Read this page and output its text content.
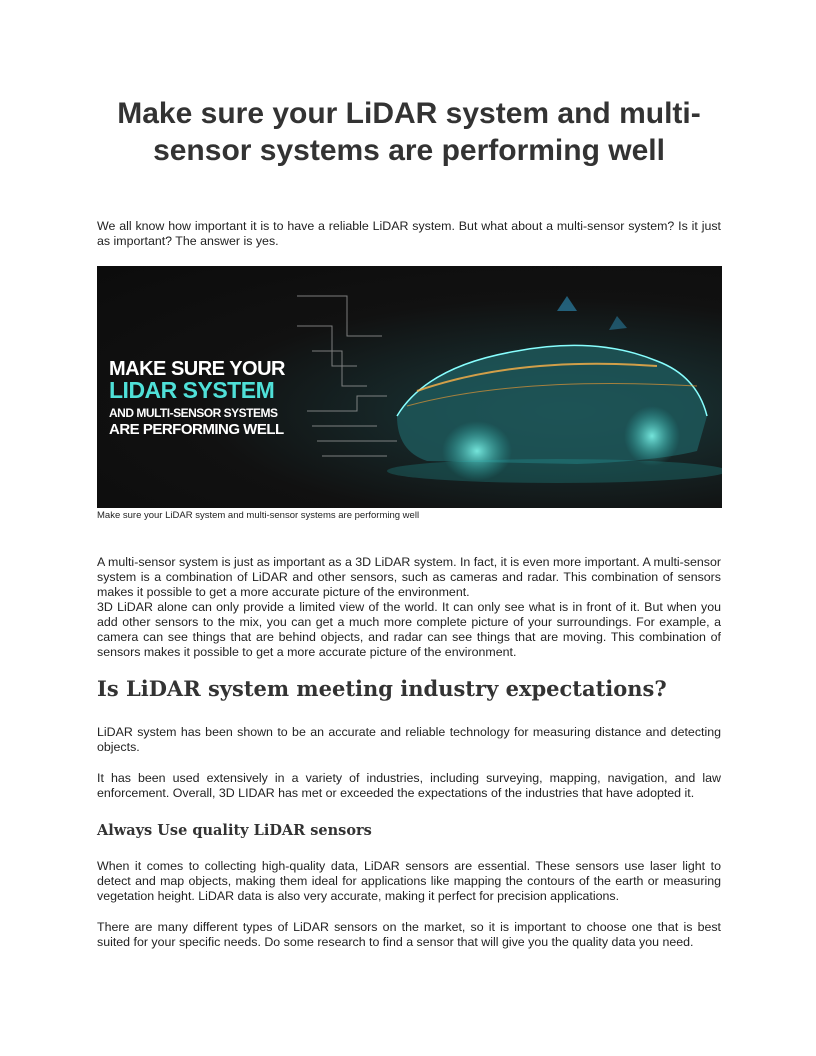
Make sure your LiDAR system and multi-sensor systems are performing well

We all know how important it is to have a reliable LiDAR system. But what about a multi-sensor system? Is it just as important? The answer is yes.

MAKE SURE YOUR
LIDAR SYSTEM
AND MULTI-SENSOR SYSTEMS
ARE PERFORMING WELL
Make sure your LiDAR system and multi-sensor systems are performing well

A multi-sensor system is just as important as a 3D LiDAR system. In fact, it is even more important. A multi-sensor system is a combination of LiDAR and other sensors, such as cameras and radar. This combination of sensors makes it possible to get a more accurate picture of the environment.

3D LiDAR alone can only provide a limited view of the world. It can only see what is in front of it. But when you add other sensors to the mix, you can get a much more complete picture of your surroundings. For example, a camera can see things that are behind objects, and radar can see things that are moving. This combination of sensors makes it possible to get a more accurate picture of the environment.

Is LiDAR system meeting industry expectations?

LiDAR system has been shown to be an accurate and reliable technology for measuring distance and detecting objects.

It has been used extensively in a variety of industries, including surveying, mapping, navigation, and law enforcement. Overall, 3D LIDAR has met or exceeded the expectations of the industries that have adopted it.

Always Use quality LiDAR sensors

When it comes to collecting high-quality data, LiDAR sensors are essential. These sensors use laser light to detect and map objects, making them ideal for applications like mapping the contours of the earth or measuring vegetation height. LiDAR data is also very accurate, making it perfect for precision applications.

There are many different types of LiDAR sensors on the market, so it is important to choose one that is best suited for your specific needs. Do some research to find a sensor that will give you the quality data you need.
